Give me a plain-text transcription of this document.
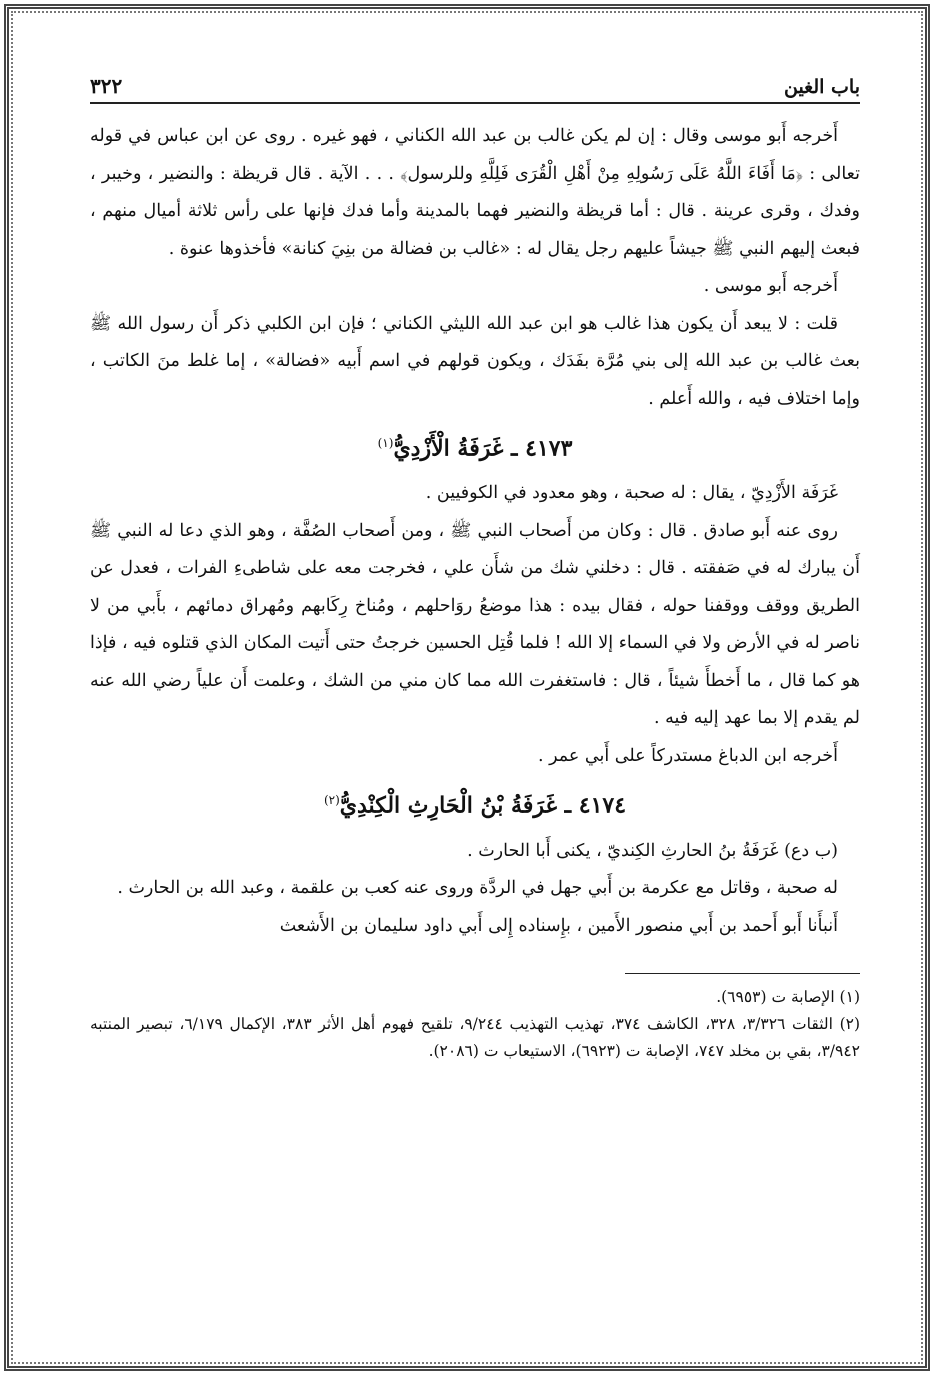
باب الغين
٣٢٢

أَخرجه أَبو موسى وقال : إن لم يكن غالب بن عبد الله الكناني ، فهو غيره . روى عن ابن عباس في قوله تعالى : ﴿مَا أَفَاءَ اللَّهُ عَلَى رَسُولِهِ مِنْ أَهْلِ الْقُرَى فَلِلَّهِ وللرسول﴾ . . . الآية . قال قريظة : والنضير ، وخيبر ، وفدك ، وقرى عرينة . قال : أما قريظة والنضير فهما بالمدينة وأما فدك فإنها على رأس ثلاثة أميال منهم ، فبعث إليهم النبي ﷺ جيشاً عليهم رجل يقال له : «غالب بن فضالة من بنِيَ كنانة» فأخذوها عنوة .

أَخرجه أَبو موسى .

قلت : لا يبعد أَن يكون هذا غالب هو ابن عبد الله الليثي الكناني ؛ فإن ابن الكلبي ذكر أَن رسول الله ﷺ بعث غالب بن عبد الله إلى بني مُرَّة بفَدَك ، ويكون قولهم في اسم أَبيه «فضالة» ، إما غلط منَ الكاتب ، وإما اختلاف فيه ، والله أَعلم .

٤١٧٣ ـ غَرَفَةُ الْأَزْدِيُّ$^{(١)}$

غَرَفَة الأَزْدِيّ ، يقال : له صحبة ، وهو معدود في الكوفيين .

روى عنه أَبو صادق . قال : وكان من أَصحاب النبي ﷺ ، ومن أَصحاب الصُفَّة ، وهو الذي دعا له النبي ﷺ أَن يبارك له في صَفقته . قال : دخلني شك من شأَن علي ، فخرجت معه على شاطىءِ الفرات ، فعدل عن الطريق ووقف ووقفنا حوله ، فقال بيده : هذا موضعُ روَاحلهم ، ومُناخ رِكَابهم ومُهراق دمائهم ، بأَبي من لا ناصر له في الأرض ولا في السماء إلا الله ! فلما قُتِل الحسين خرجتُ حتى أَتيت المكان الذي قتلوه فيه ، فإذا هو كما قال ، ما أَخطأَ شيئاً ، قال : فاستغفرت الله مما كان مني من الشك ، وعلمت أَن علياً رضي الله عنه لم يقدم إلا بما عهد إليه فيه .

أَخرجه ابن الدباغ مستدركاً على أَبي عمر .

٤١٧٤ ـ غَرَفَةُ بْنُ الْحَارِثِ الْكِنْدِيُّ$^{(٢)}$

(ب دع) غَرَفَةُ بنُ الحارثِ الكِنديّ ، يكنى أَبا الحارث .

له صحبة ، وقاتل مع عكرمة بن أَبي جهل في الردَّة وروى عنه كعب بن علقمة ، وعبد الله بن الحارث .

أَنبأَنا أَبو أَحمد بن أَبي منصور الأَمين ، بإِسناده إِلى أَبي داود سليمان بن الأَشعث

(١) الإصابة ت (٦٩٥٣).

(٢) الثقات ٣/٣٢٦، ٣٢٨، الكاشف ٣٧٤، تهذيب التهذيب ٩/٢٤٤، تلقيح فهوم أهل الأثر ٣٨٣، الإكمال ٦/١٧٩، تبصير المنتبه ٣/٩٤٢، بقي بن مخلد ٧٤٧، الإصابة ت (٦٩٢٣)، الاستيعاب ت (٢٠٨٦).
